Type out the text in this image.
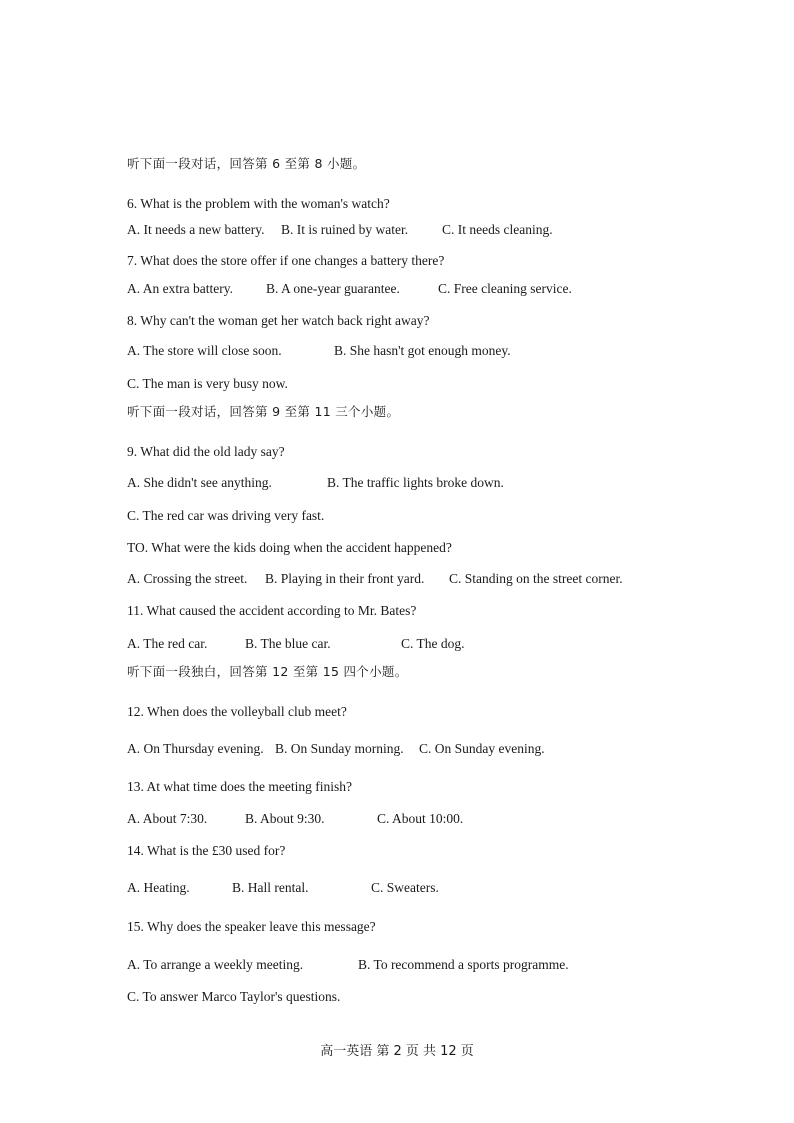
听下面一段对话，回答第 6 至第 8 小题。
6. What is the problem with the woman's watch?
A. It needs a new battery. B. It is ruined by water.	C. It needs cleaning.
7. What does the store offer if one changes a battery there?
A. An extra battery. B. A one-year guarantee.	C. Free cleaning service.
8. Why can't the woman get her watch back right away?
A. The store will close soon.	B. She hasn't got enough money.
C. The man is very busy now.
听下面一段对话，回答第 9 至第 11 三个小题。
9. What did the old lady say?
A. She didn't see anything.	B. The traffic lights broke down.
C. The red car was driving very fast.
TO. What were the kids doing when the accident happened?
A. Crossing the street. B. Playing in their front yard. C. Standing on the street corner.
11. What caused the accident according to Mr. Bates?
A. The red car.	B. The blue car.	C. The dog.
听下面一段独白，回答第 12 至第 15 四个小题。
12. When does the volleyball club meet?
A. On Thursday evening. B. On Sunday morning. C. On Sunday evening.
13. At what time does the meeting finish?
A. About 7:30.	B. About 9:30.	C. About 10:00.
14. What is the £30 used for?
A. Heating.	B. Hall rental.	C. Sweaters.
15. Why does the speaker leave this message?
A. To arrange a weekly meeting.	B. To recommend a sports programme.
C. To answer Marco Taylor's questions.
高一英语 第 2 页 共 12 页
